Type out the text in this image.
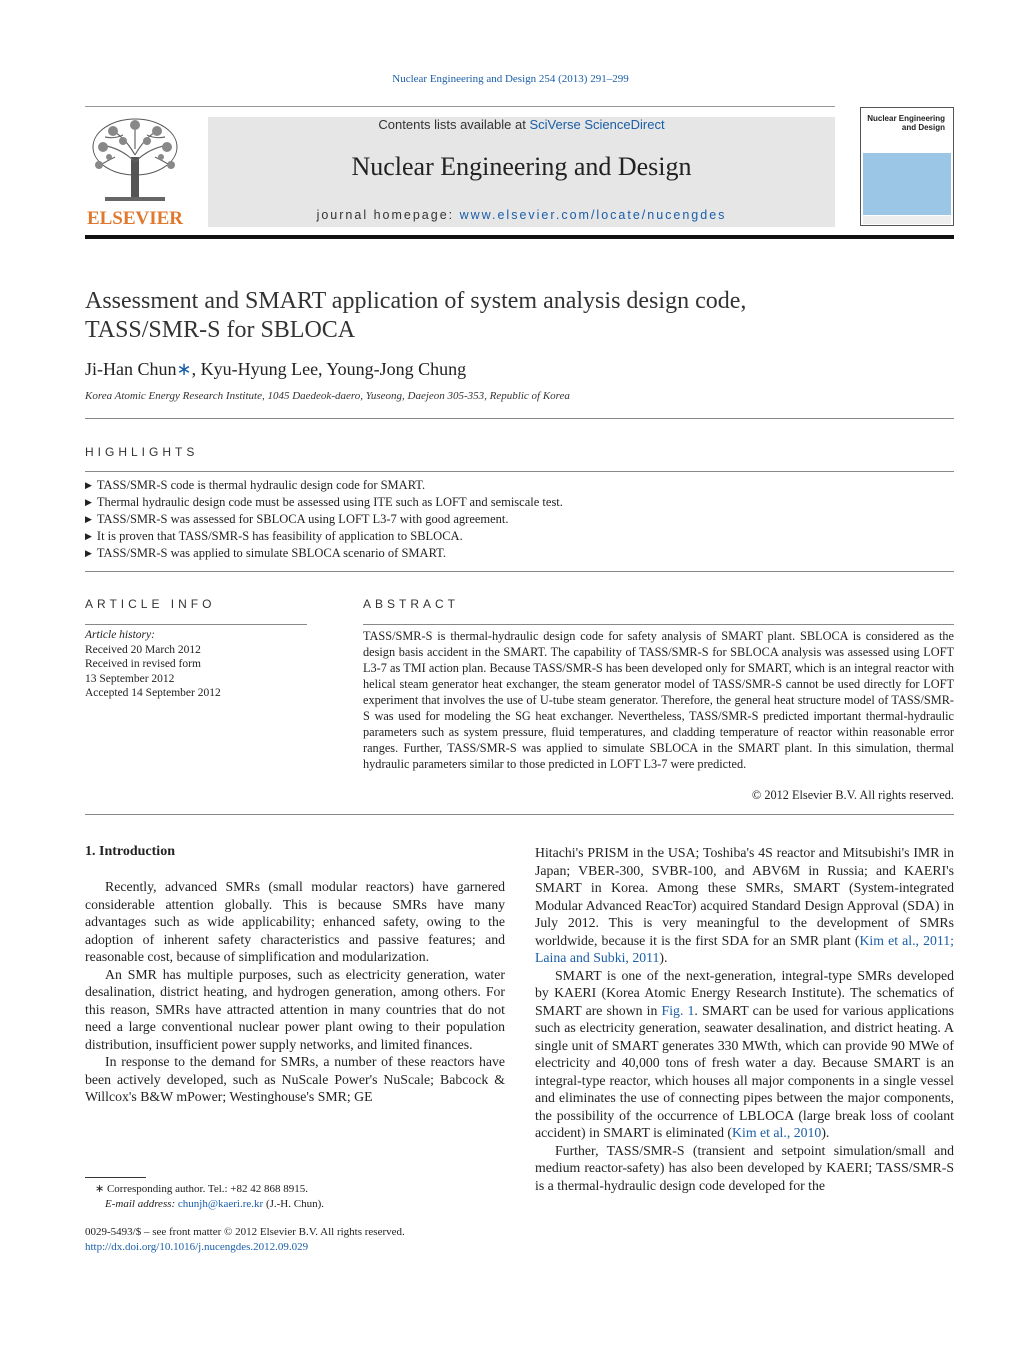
Nuclear Engineering and Design 254 (2013) 291–299
ELSEVIER
Contents lists available at SciVerse ScienceDirect
Nuclear Engineering and Design
journal homepage: www.elsevier.com/locate/nucengdes
Nuclear Engineering
and Design
Assessment and SMART application of system analysis design code,
TASS/SMR-S for SBLOCA
Ji-Han Chun∗, Kyu-Hyung Lee, Young-Jong Chung
Korea Atomic Energy Research Institute, 1045 Daedeok-daero, Yuseong, Daejeon 305-353, Republic of Korea
HIGHLIGHTS
▶ TASS/SMR-S code is thermal hydraulic design code for SMART.
▶ Thermal hydraulic design code must be assessed using ITE such as LOFT and semiscale test.
▶ TASS/SMR-S was assessed for SBLOCA using LOFT L3-7 with good agreement.
▶ It is proven that TASS/SMR-S has feasibility of application to SBLOCA.
▶ TASS/SMR-S was applied to simulate SBLOCA scenario of SMART.
ARTICLE INFO
Article history:
Received 20 March 2012
Received in revised form
13 September 2012
Accepted 14 September 2012
ABSTRACT
TASS/SMR-S is thermal-hydraulic design code for safety analysis of SMART plant. SBLOCA is considered as the design basis accident in the SMART. The capability of TASS/SMR-S for SBLOCA analysis was assessed using LOFT L3-7 as TMI action plan. Because TASS/SMR-S has been developed only for SMART, which is an integral reactor with helical steam generator heat exchanger, the steam generator model of TASS/SMR-S cannot be used directly for LOFT experiment that involves the use of U-tube steam generator. Therefore, the general heat structure model of TASS/SMR-S was used for modeling the SG heat exchanger. Nevertheless, TASS/SMR-S predicted important thermal-hydraulic parameters such as system pressure, fluid temperatures, and cladding temperature of reactor within reasonable error ranges. Further, TASS/SMR-S was applied to simulate SBLOCA in the SMART plant. In this simulation, thermal hydraulic parameters similar to those predicted in LOFT L3-7 were predicted.
© 2012 Elsevier B.V. All rights reserved.
1. Introduction

Recently, advanced SMRs (small modular reactors) have garnered considerable attention globally. This is because SMRs have many advantages such as wide applicability; enhanced safety, owing to the adoption of inherent safety characteristics and passive features; and reasonable cost, because of simplification and modularization.

An SMR has multiple purposes, such as electricity generation, water desalination, district heating, and hydrogen generation, among others. For this reason, SMRs have attracted attention in many countries that do not need a large conventional nuclear power plant owing to their population distribution, insufficient power supply networks, and limited finances.

In response to the demand for SMRs, a number of these reactors have been actively developed, such as NuScale Power's NuScale; Babcock & Willcox's B&W mPower; Westinghouse's SMR; GE

Hitachi's PRISM in the USA; Toshiba's 4S reactor and Mitsubishi's IMR in Japan; VBER-300, SVBR-100, and ABV6M in Russia; and KAERI's SMART in Korea. Among these SMRs, SMART (System-integrated Modular Advanced ReacTor) acquired Standard Design Approval (SDA) in July 2012. This is very meaningful to the development of SMRs worldwide, because it is the first SDA for an SMR plant (Kim et al., 2011; Laina and Subki, 2011).

SMART is one of the next-generation, integral-type SMRs developed by KAERI (Korea Atomic Energy Research Institute). The schematics of SMART are shown in Fig. 1. SMART can be used for various applications such as electricity generation, seawater desalination, and district heating. A single unit of SMART generates 330 MWth, which can provide 90 MWe of electricity and 40,000 tons of fresh water a day. Because SMART is an integral-type reactor, which houses all major components in a single vessel and eliminates the use of connecting pipes between the major components, the possibility of the occurrence of LBLOCA (large break loss of coolant accident) in SMART is eliminated (Kim et al., 2010).

Further, TASS/SMR-S (transient and setpoint simulation/small and medium reactor-safety) has also been developed by KAERI; TASS/SMR-S is a thermal-hydraulic design code developed for the

∗ Corresponding author. Tel.: +82 42 868 8915.
E-mail address: chunjh@kaeri.re.kr (J.-H. Chun).
0029-5493/$ – see front matter © 2012 Elsevier B.V. All rights reserved.
http://dx.doi.org/10.1016/j.nucengdes.2012.09.029
